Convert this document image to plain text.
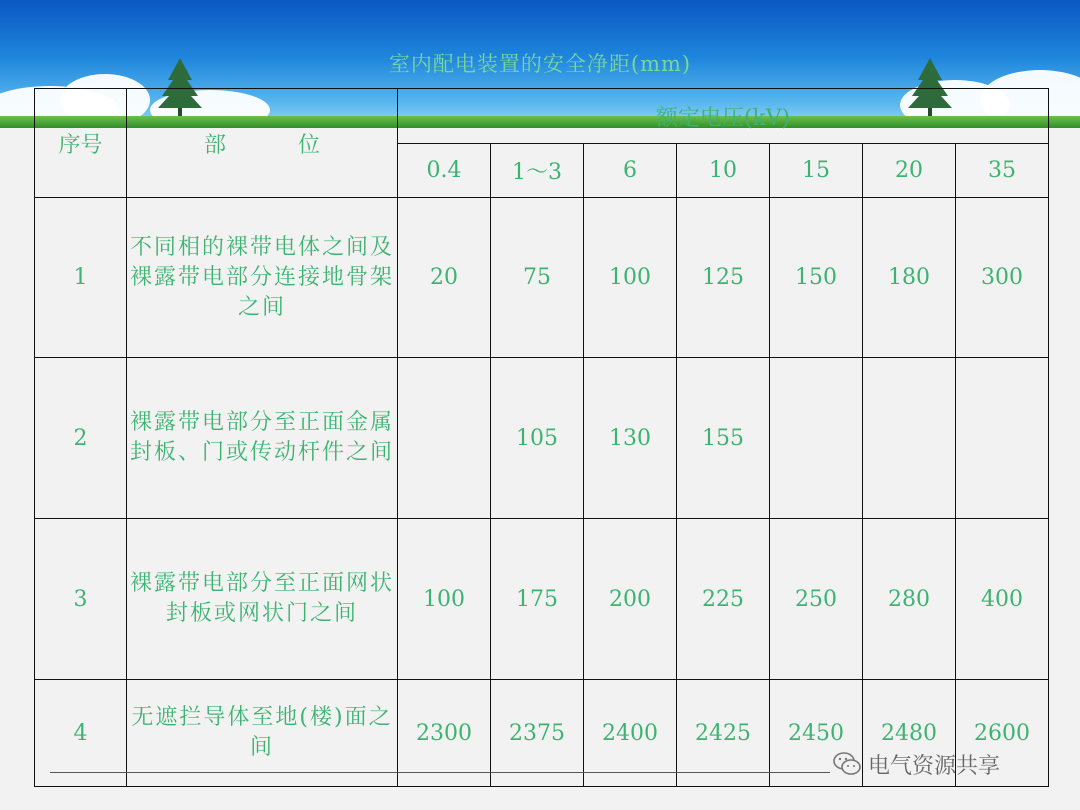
室内配电装置的安全净距(mm)
序号	部 位	额定电压(kV)						
		0.4	1～3	6	10	15	20	35
1	不同相的裸带电体之间及裸露带电部分连接地骨架之间	20	75	100	125	150	180	300
2	裸露带电部分至正面金属封板、门或传动杆件之间		105	130	155			
3	裸露带电部分至正面网状封板或网状门之间	100	175	200	225	250	280	400
4	无遮拦导体至地(楼)面之间	2300	2375	2400	2425	2450	2480	2600
电气资源共享
